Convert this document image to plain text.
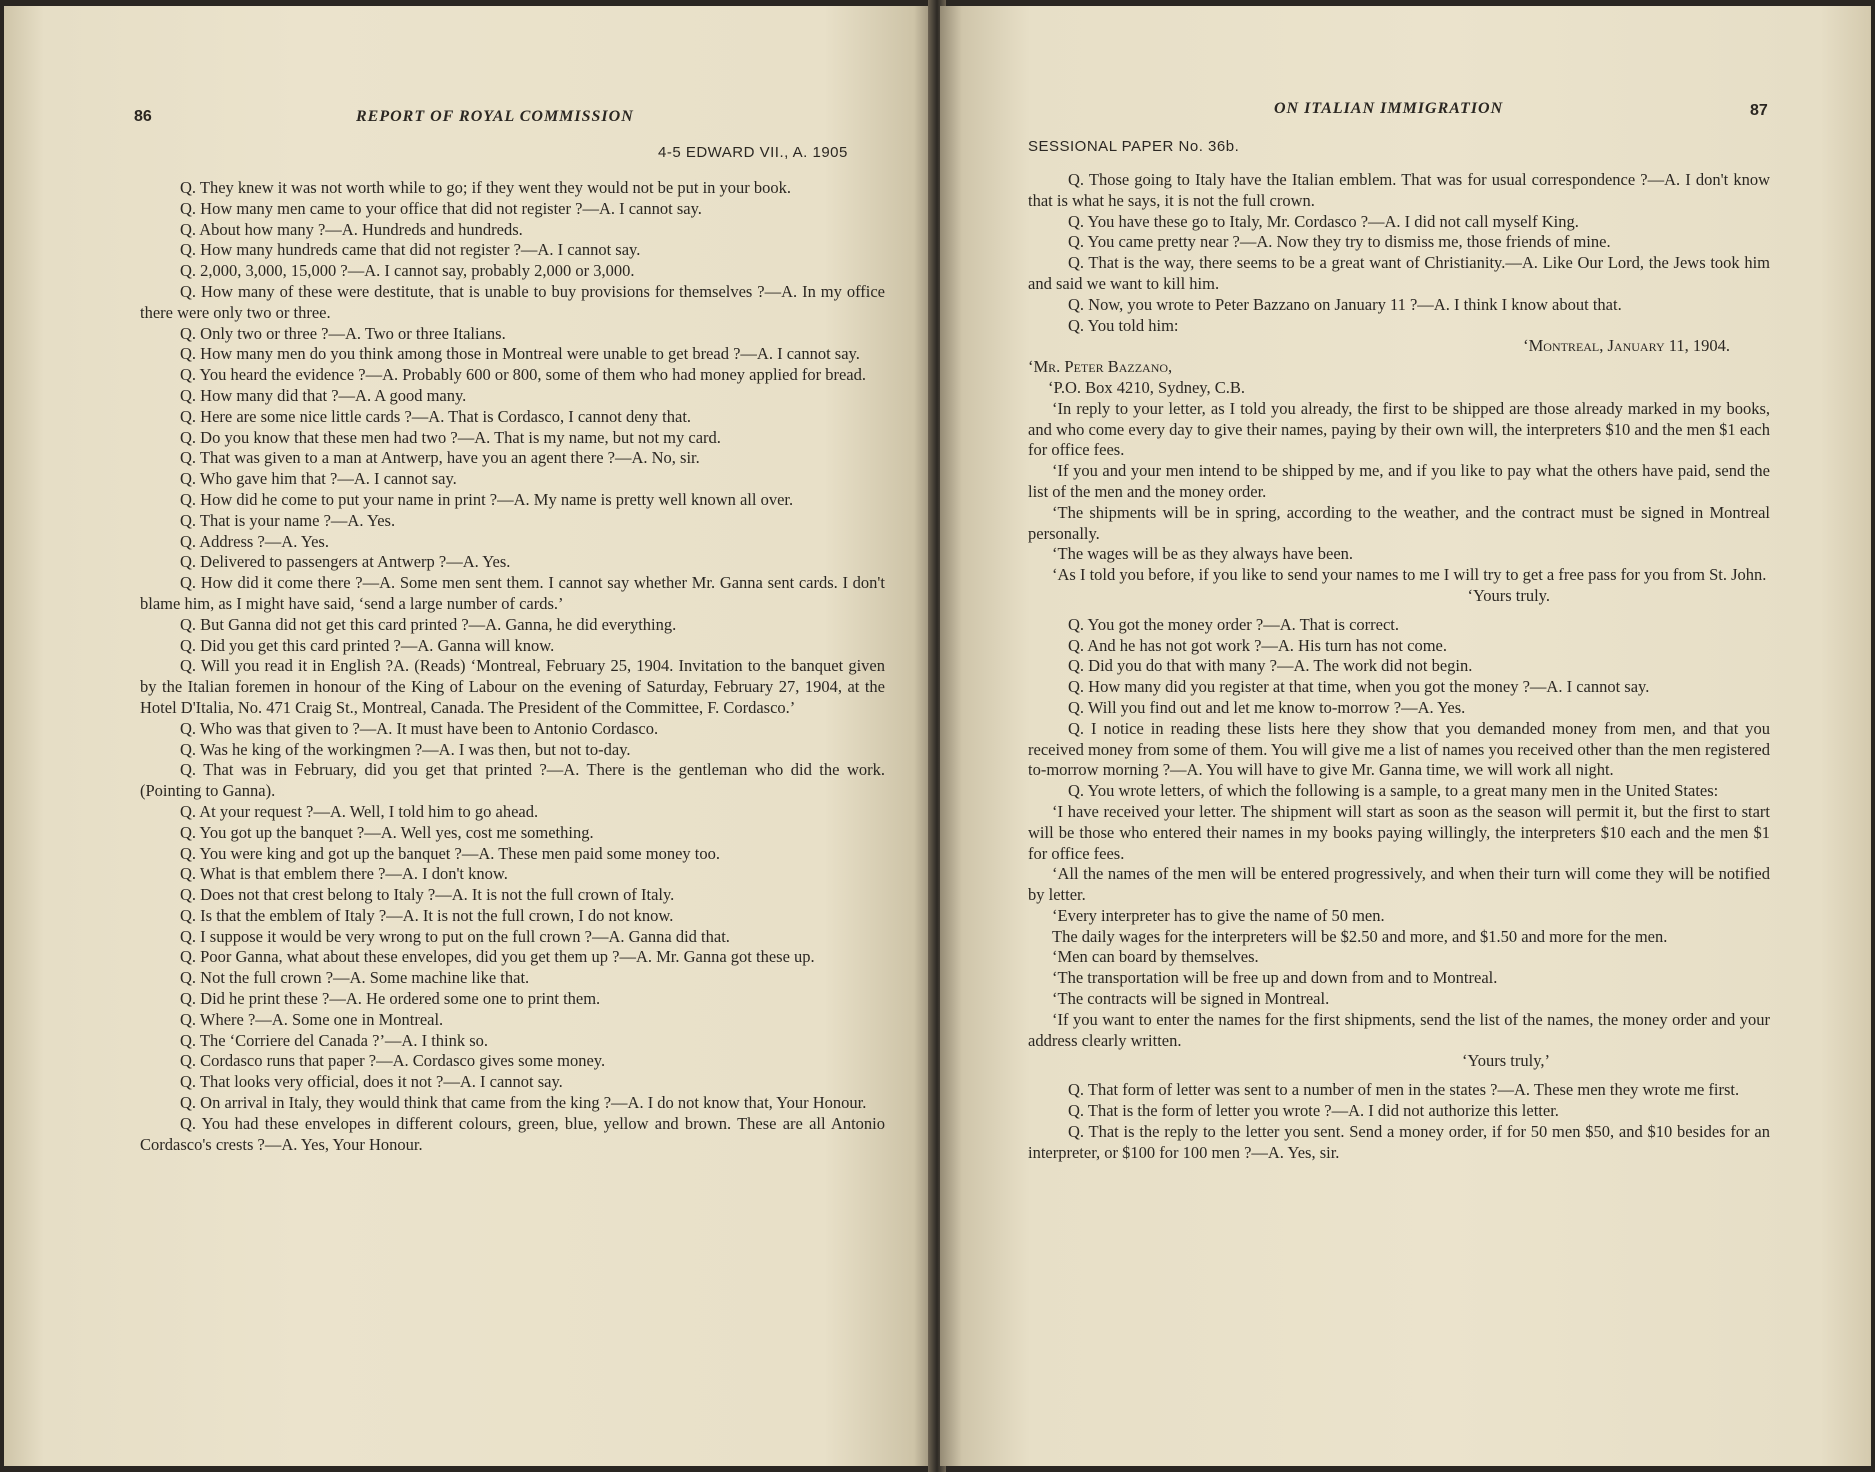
86	REPORT OF ROYAL COMMISSION
4-5 EDWARD VII., A. 1905

Q. They knew it was not worth while to go; if they went they would not be put in your book.

Q. How many men came to your office that did not register ?—A. I cannot say.

Q. About how many ?—A. Hundreds and hundreds.

Q. How many hundreds came that did not register ?—A. I cannot say.

Q. 2,000, 3,000, 15,000 ?—A. I cannot say, probably 2,000 or 3,000.

Q. How many of these were destitute, that is unable to buy provisions for themselves ?—A. In my office there were only two or three.

Q. Only two or three ?—A. Two or three Italians.

Q. How many men do you think among those in Montreal were unable to get bread ?—A. I cannot say.

Q. You heard the evidence ?—A. Probably 600 or 800, some of them who had money applied for bread.

Q. How many did that ?—A. A good many.

Q. Here are some nice little cards ?—A. That is Cordasco, I cannot deny that.

Q. Do you know that these men had two ?—A. That is my name, but not my card.

Q. That was given to a man at Antwerp, have you an agent there ?—A. No, sir.

Q. Who gave him that ?—A. I cannot say.

Q. How did he come to put your name in print ?—A. My name is pretty well known all over.

Q. That is your name ?—A. Yes.

Q. Address ?—A. Yes.

Q. Delivered to passengers at Antwerp ?—A. Yes.

Q. How did it come there ?—A. Some men sent them. I cannot say whether Mr. Ganna sent cards. I don't blame him, as I might have said, ‘send a large number of cards.’

Q. But Ganna did not get this card printed ?—A. Ganna, he did everything.

Q. Did you get this card printed ?—A. Ganna will know.

Q. Will you read it in English ?A. (Reads) ‘Montreal, February 25, 1904. Invitation to the banquet given by the Italian foremen in honour of the King of Labour on the evening of Saturday, February 27, 1904, at the Hotel D'Italia, No. 471 Craig St., Montreal, Canada. The President of the Committee, F. Cordasco.’

Q. Who was that given to ?—A. It must have been to Antonio Cordasco.

Q. Was he king of the workingmen ?—A. I was then, but not to-day.

Q. That was in February, did you get that printed ?—A. There is the gentleman who did the work. (Pointing to Ganna).

Q. At your request ?—A. Well, I told him to go ahead.

Q. You got up the banquet ?—A. Well yes, cost me something.

Q. You were king and got up the banquet ?—A. These men paid some money too.

Q. What is that emblem there ?—A. I don't know.

Q. Does not that crest belong to Italy ?—A. It is not the full crown of Italy.

Q. Is that the emblem of Italy ?—A. It is not the full crown, I do not know.

Q. I suppose it would be very wrong to put on the full crown ?—A. Ganna did that.

Q. Poor Ganna, what about these envelopes, did you get them up ?—A. Mr. Ganna got these up.

Q. Not the full crown ?—A. Some machine like that.

Q. Did he print these ?—A. He ordered some one to print them.

Q. Where ?—A. Some one in Montreal.

Q. The ‘Corriere del Canada ?’—A. I think so.

Q. Cordasco runs that paper ?—A. Cordasco gives some money.

Q. That looks very official, does it not ?—A. I cannot say.

Q. On arrival in Italy, they would think that came from the king ?—A. I do not know that, Your Honour.

Q. You had these envelopes in different colours, green, blue, yellow and brown. These are all Antonio Cordasco's crests ?—A. Yes, Your Honour.

ON ITALIAN IMMIGRATION	87
SESSIONAL PAPER No. 36b.

Q. Those going to Italy have the Italian emblem. That was for usual correspondence ?—A. I don't know that is what he says, it is not the full crown.

Q. You have these go to Italy, Mr. Cordasco ?—A. I did not call myself King.

Q. You came pretty near ?—A. Now they try to dismiss me, those friends of mine.

Q. That is the way, there seems to be a great want of Christianity.—A. Like Our Lord, the Jews took him and said we want to kill him.

Q. Now, you wrote to Peter Bazzano on January 11 ?—A. I think I know about that.

Q. You told him:

‘Montreal, January 11, 1904.

‘Mr. Peter Bazzano,

‘P.O. Box 4210, Sydney, C.B.

‘In reply to your letter, as I told you already, the first to be shipped are those already marked in my books, and who come every day to give their names, paying by their own will, the interpreters $10 and the men $1 each for office fees.

‘If you and your men intend to be shipped by me, and if you like to pay what the others have paid, send the list of the men and the money order.

‘The shipments will be in spring, according to the weather, and the contract must be signed in Montreal personally.

‘The wages will be as they always have been.

‘As I told you before, if you like to send your names to me I will try to get a free pass for you from St. John.

‘Yours truly.

Q. You got the money order ?—A. That is correct.

Q. And he has not got work ?—A. His turn has not come.

Q. Did you do that with many ?—A. The work did not begin.

Q. How many did you register at that time, when you got the money ?—A. I cannot say.

Q. Will you find out and let me know to-morrow ?—A. Yes.

Q. I notice in reading these lists here they show that you demanded money from men, and that you received money from some of them. You will give me a list of names you received other than the men registered to-morrow morning ?—A. You will have to give Mr. Ganna time, we will work all night.

Q. You wrote letters, of which the following is a sample, to a great many men in the United States:

‘I have received your letter. The shipment will start as soon as the season will permit it, but the first to start will be those who entered their names in my books paying willingly, the interpreters $10 each and the men $1 for office fees.

‘All the names of the men will be entered progressively, and when their turn will come they will be notified by letter.

‘Every interpreter has to give the name of 50 men.

The daily wages for the interpreters will be $2.50 and more, and $1.50 and more for the men.

‘Men can board by themselves.

‘The transportation will be free up and down from and to Montreal.

‘The contracts will be signed in Montreal.

‘If you want to enter the names for the first shipments, send the list of the names, the money order and your address clearly written.

‘Yours truly,’

Q. That form of letter was sent to a number of men in the states ?—A. These men they wrote me first.

Q. That is the form of letter you wrote ?—A. I did not authorize this letter.

Q. That is the reply to the letter you sent. Send a money order, if for 50 men $50, and $10 besides for an interpreter, or $100 for 100 men ?—A. Yes, sir.
